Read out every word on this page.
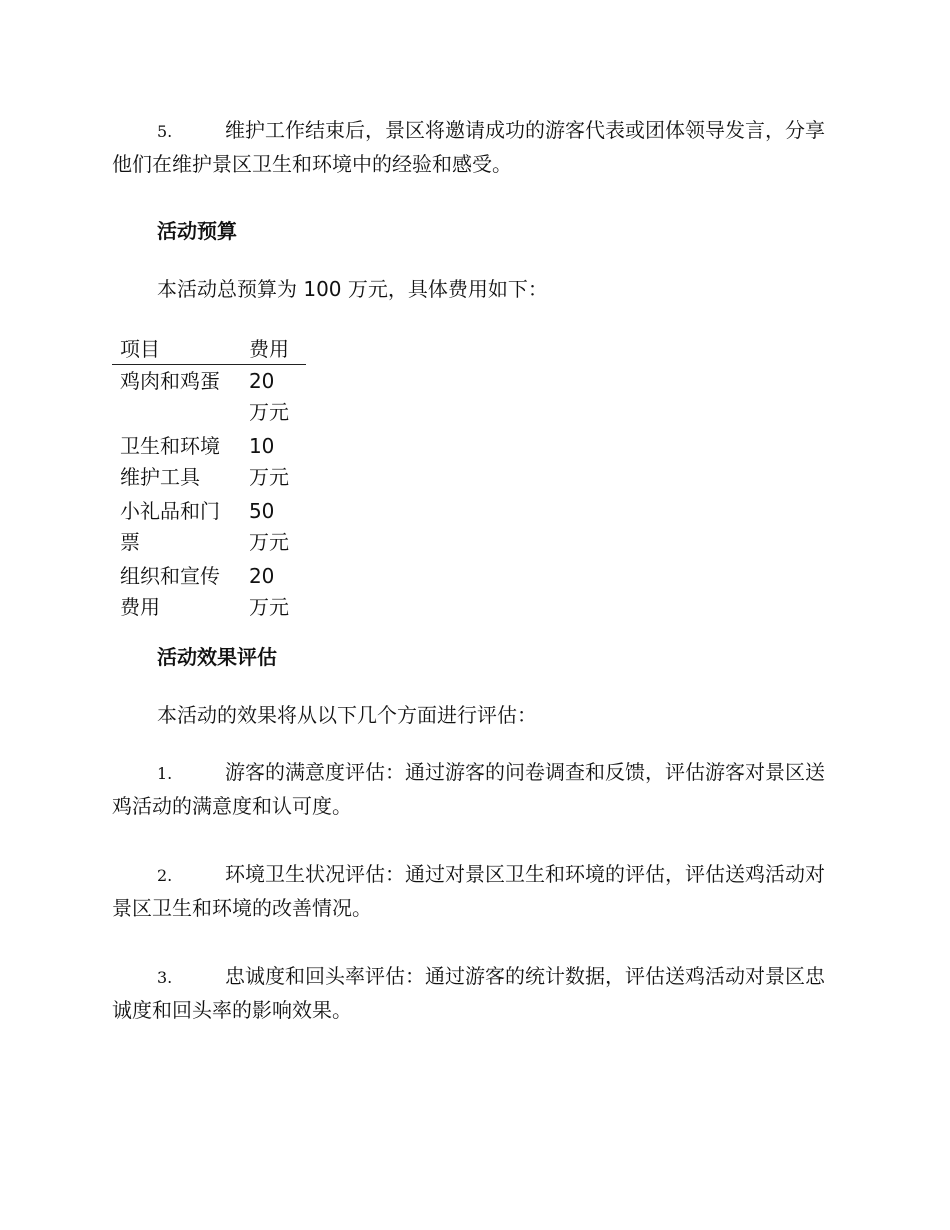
5.	维护工作结束后，景区将邀请成功的游客代表或团体领导发言，分享他们在维护景区卫生和环境中的经验和感受。

活动预算

本活动总预算为 100 万元，具体费用如下：

项目	费用

鸡肉和鸡蛋	20
万元

卫生和环境
维护工具	10
万元

小礼品和门
票	50
万元

组织和宣传
费用	20
万元
活动效果评估

本活动的效果将从以下几个方面进行评估：

1.	游客的满意度评估：通过游客的问卷调查和反馈，评估游客对景区送鸡活动的满意度和认可度。

2.	环境卫生状况评估：通过对景区卫生和环境的评估，评估送鸡活动对景区卫生和环境的改善情况。

3.	忠诚度和回头率评估：通过游客的统计数据，评估送鸡活动对景区忠诚度和回头率的影响效果。
